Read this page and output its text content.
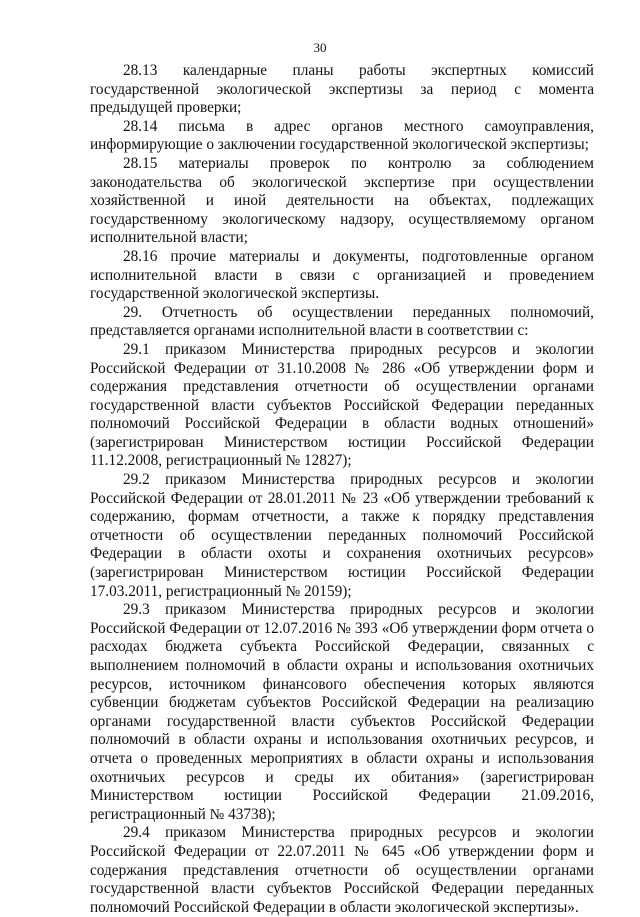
30

28.13 календарные планы работы экспертных комиссий государственной экологической экспертизы за период с момента предыдущей проверки;

28.14 письма в адрес органов местного самоуправления, информирующие о заключении государственной экологической экспертизы;

28.15 материалы проверок по контролю за соблюдением законодательства об экологической экспертизе при осуществлении хозяйственной и иной деятельности на объектах, подлежащих государственному экологическому надзору, осуществляемому органом исполнительной власти;

28.16 прочие материалы и документы, подготовленные органом исполнительной власти в связи с организацией и проведением государственной экологической экспертизы.

29. Отчетность об осуществлении переданных полномочий, представляется органами исполнительной власти в соответствии с:

29.1 приказом Министерства природных ресурсов и экологии Российской Федерации от 31.10.2008 № 286 «Об утверждении форм и содержания представления отчетности об осуществлении органами государственной власти субъектов Российской Федерации переданных полномочий Российской Федерации в области водных отношений» (зарегистрирован Министерством юстиции Российской Федерации 11.12.2008, регистрационный № 12827);

29.2 приказом Министерства природных ресурсов и экологии Российской Федерации от 28.01.2011 № 23 «Об утверждении требований к содержанию, формам отчетности, а также к порядку представления отчетности об осуществлении переданных полномочий Российской Федерации в области охоты и сохранения охотничьих ресурсов» (зарегистрирован Министерством юстиции Российской Федерации 17.03.2011, регистрационный № 20159);

29.3 приказом Министерства природных ресурсов и экологии Российской Федерации от 12.07.2016 № 393 «Об утверждении форм отчета о расходах бюджета субъекта Российской Федерации, связанных с выполнением полномочий в области охраны и использования охотничьих ресурсов, источником финансового обеспечения которых являются субвенции бюджетам субъектов Российской Федерации на реализацию органами государственной власти субъектов Российской Федерации полномочий в области охраны и использования охотничьих ресурсов, и отчета о проведенных мероприятиях в области охраны и использования охотничьих ресурсов и среды их обитания» (зарегистрирован Министерством юстиции Российской Федерации 21.09.2016, регистрационный № 43738);

29.4 приказом Министерства природных ресурсов и экологии Российской Федерации от 22.07.2011 № 645 «Об утверждении форм и содержания представления отчетности об осуществлении органами государственной власти субъектов Российской Федерации переданных полномочий Российской Федерации в области экологической экспертизы».
